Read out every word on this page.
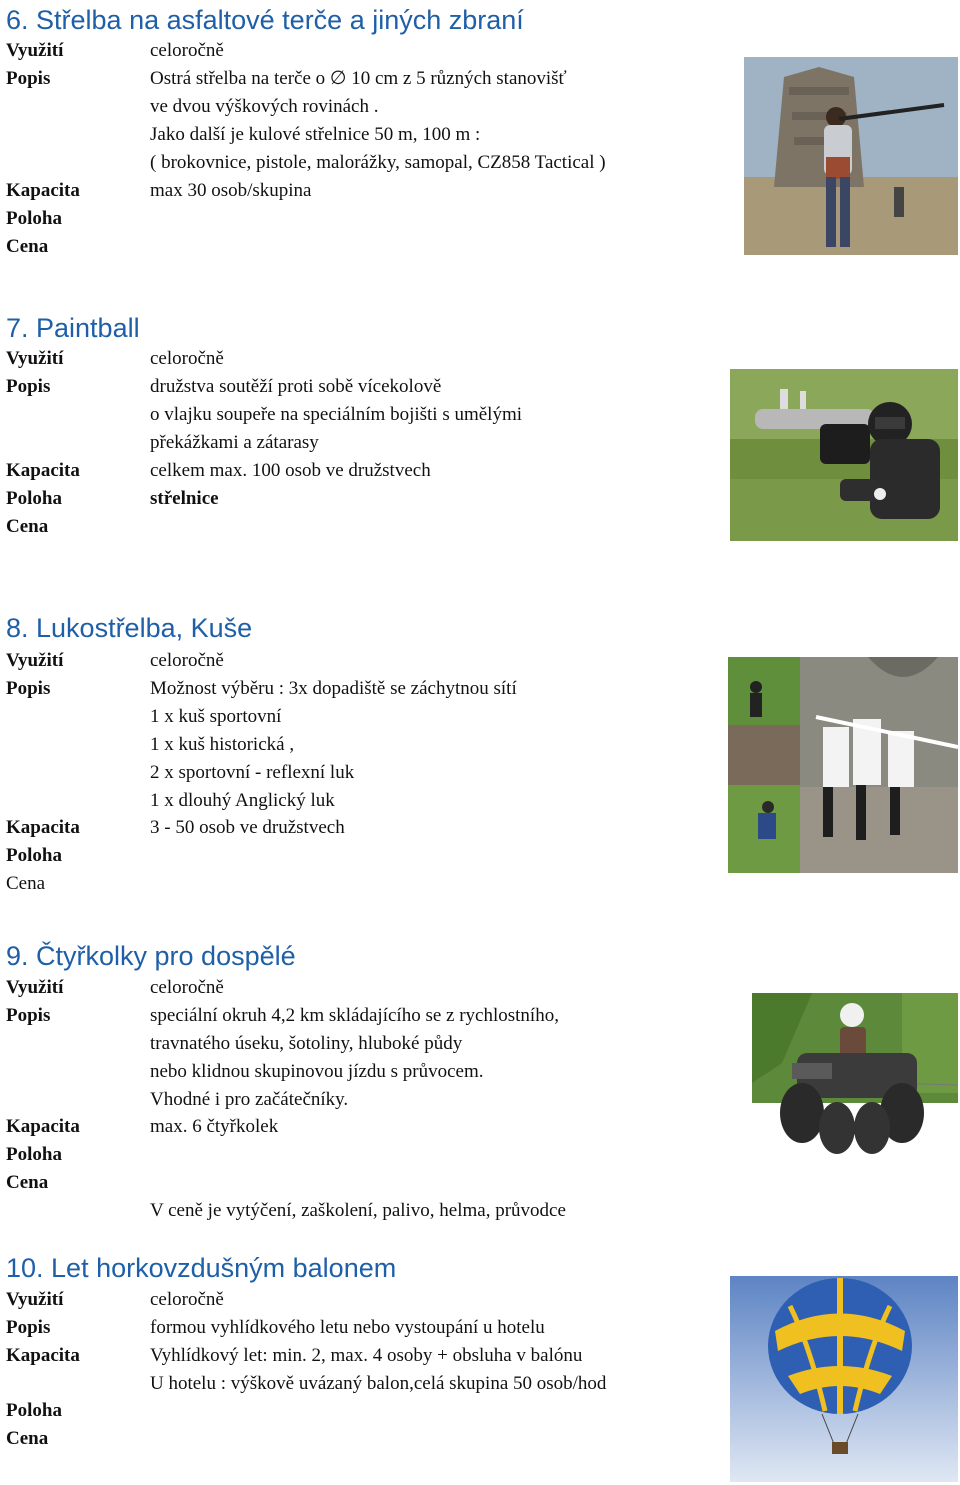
6. Střelba na asfaltové terče a jiných zbraní
Využití	celoročně
Popis	Ostrá střelba na terče o ∅ 10 cm z 5 různých stanovišť
ve dvou výškových rovinách .
Jako další je kulové střelnice 50 m, 100 m :
( brokovnice, pistole, malorážky, samopal, CZ858 Tactical )
Kapacita	max 30 osob/skupina
Poloha
Cena
7. Paintball
Využití	celoročně
Popis	družstva soutěží proti sobě vícekolově
o vlajku soupeře na speciálním bojišti s umělými
překážkami a zátarasy
Kapacita	celkem max. 100 osob ve družstvech
Poloha	střelnice
Cena
8. Lukostřelba, Kuše
Využití	celoročně
Popis	Možnost výběru : 3x dopadiště se záchytnou sítí
1 x kuš sportovní
1 x kuš historická ,
2 x sportovní - reflexní luk
1 x dlouhý Anglický luk
Kapacita	3 - 50 osob ve družstvech
Poloha
Cena
9. Čtyřkolky pro dospělé
Využití	celoročně
Popis	speciální okruh 4,2 km skládajícího se z rychlostního,
travnatého úseku, šotoliny, hluboké půdy
nebo klidnou skupinovou jízdu s průvocem.
Vhodné i pro začátečníky.
Kapacita	max. 6 čtyřkolek
Poloha
Cena
V ceně je vytýčení, zaškolení, palivo, helma, průvodce
10. Let horkovzdušným balonem
Využití	celoročně
Popis	formou vyhlídkového letu nebo vystoupání u hotelu
Kapacita	Vyhlídkový let: min. 2, max. 4 osoby + obsluha v balónu
U hotelu : výškově uvázaný balon,celá skupina 50 osob/hod
Poloha
Cena
